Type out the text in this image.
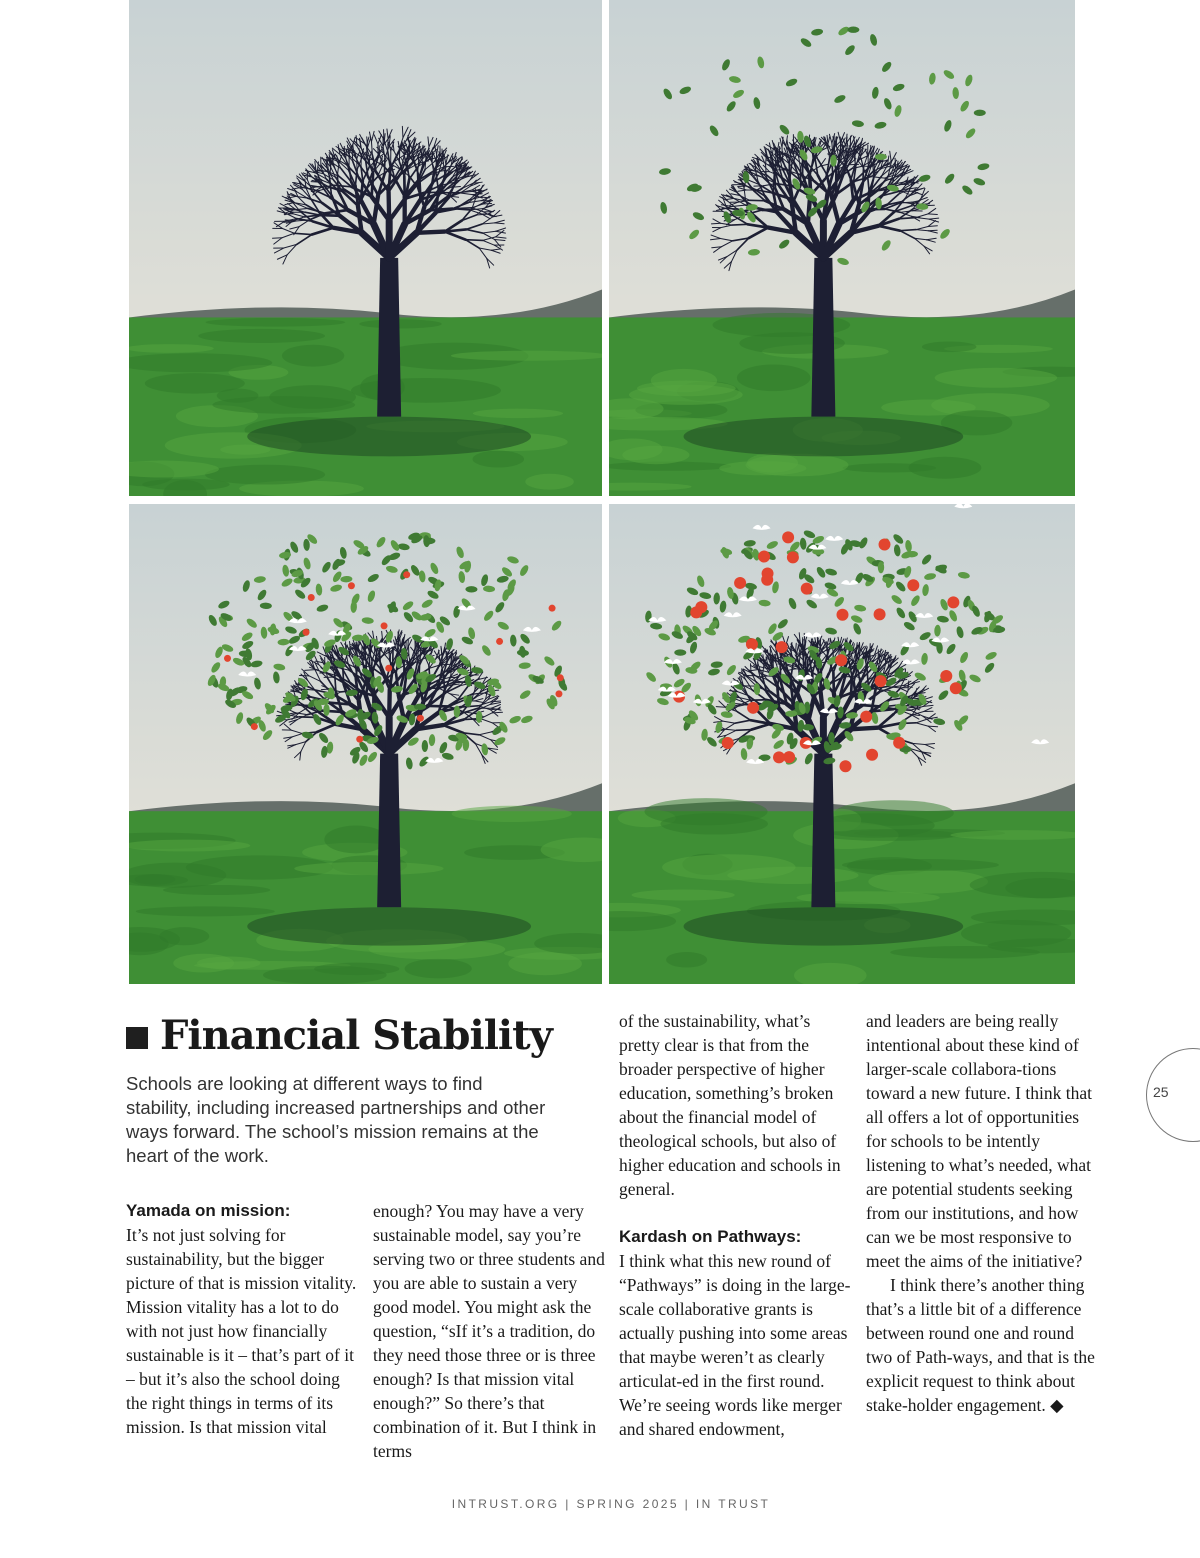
Financial Stability
Schools are looking at different ways to find stability, including increased partnerships and other ways forward. The school’s mission remains at the heart of the work.

Yamada on mission:

It’s not just solving for sustainability, but the bigger picture of that is mission vitality. Mission vitality has a lot to do with not just how financially sustainable is it – that’s part of it – but it’s also the school doing the right things in terms of its mission. Is that mission vital

enough? You may have a very sustainable model, say you’re serving two or three students and you are able to sustain a very good model. You might ask the question, “sIf it’s a tradition, do they need those three or is three enough? Is that mission vital enough?” So there’s that combination of it. But I think in terms

of the sustainability, what’s pretty clear is that from the broader perspective of higher education, something’s broken about the financial model of theological schools, but also of higher education and schools in general.

Kardash on Pathways:

I think what this new round of “Pathways” is doing in the large-scale collaborative grants is actually pushing into some areas that maybe weren’t as clearly articulat-ed in the first round. We’re seeing words like merger and shared endowment,

and leaders are being really intentional about these kind of larger-scale collabora-tions toward a new future. I think that all offers a lot of opportunities for schools to be intently listening to what’s needed, what are potential students seeking from our institutions, and how can we be most responsive to meet the aims of the initiative?

I think there’s another thing that’s a little bit of a difference between round one and round two of Path-ways, and that is the explicit request to think about stake-holder engagement. ◆

25
INTRUST.ORG | SPRING 2025 | IN TRUST
